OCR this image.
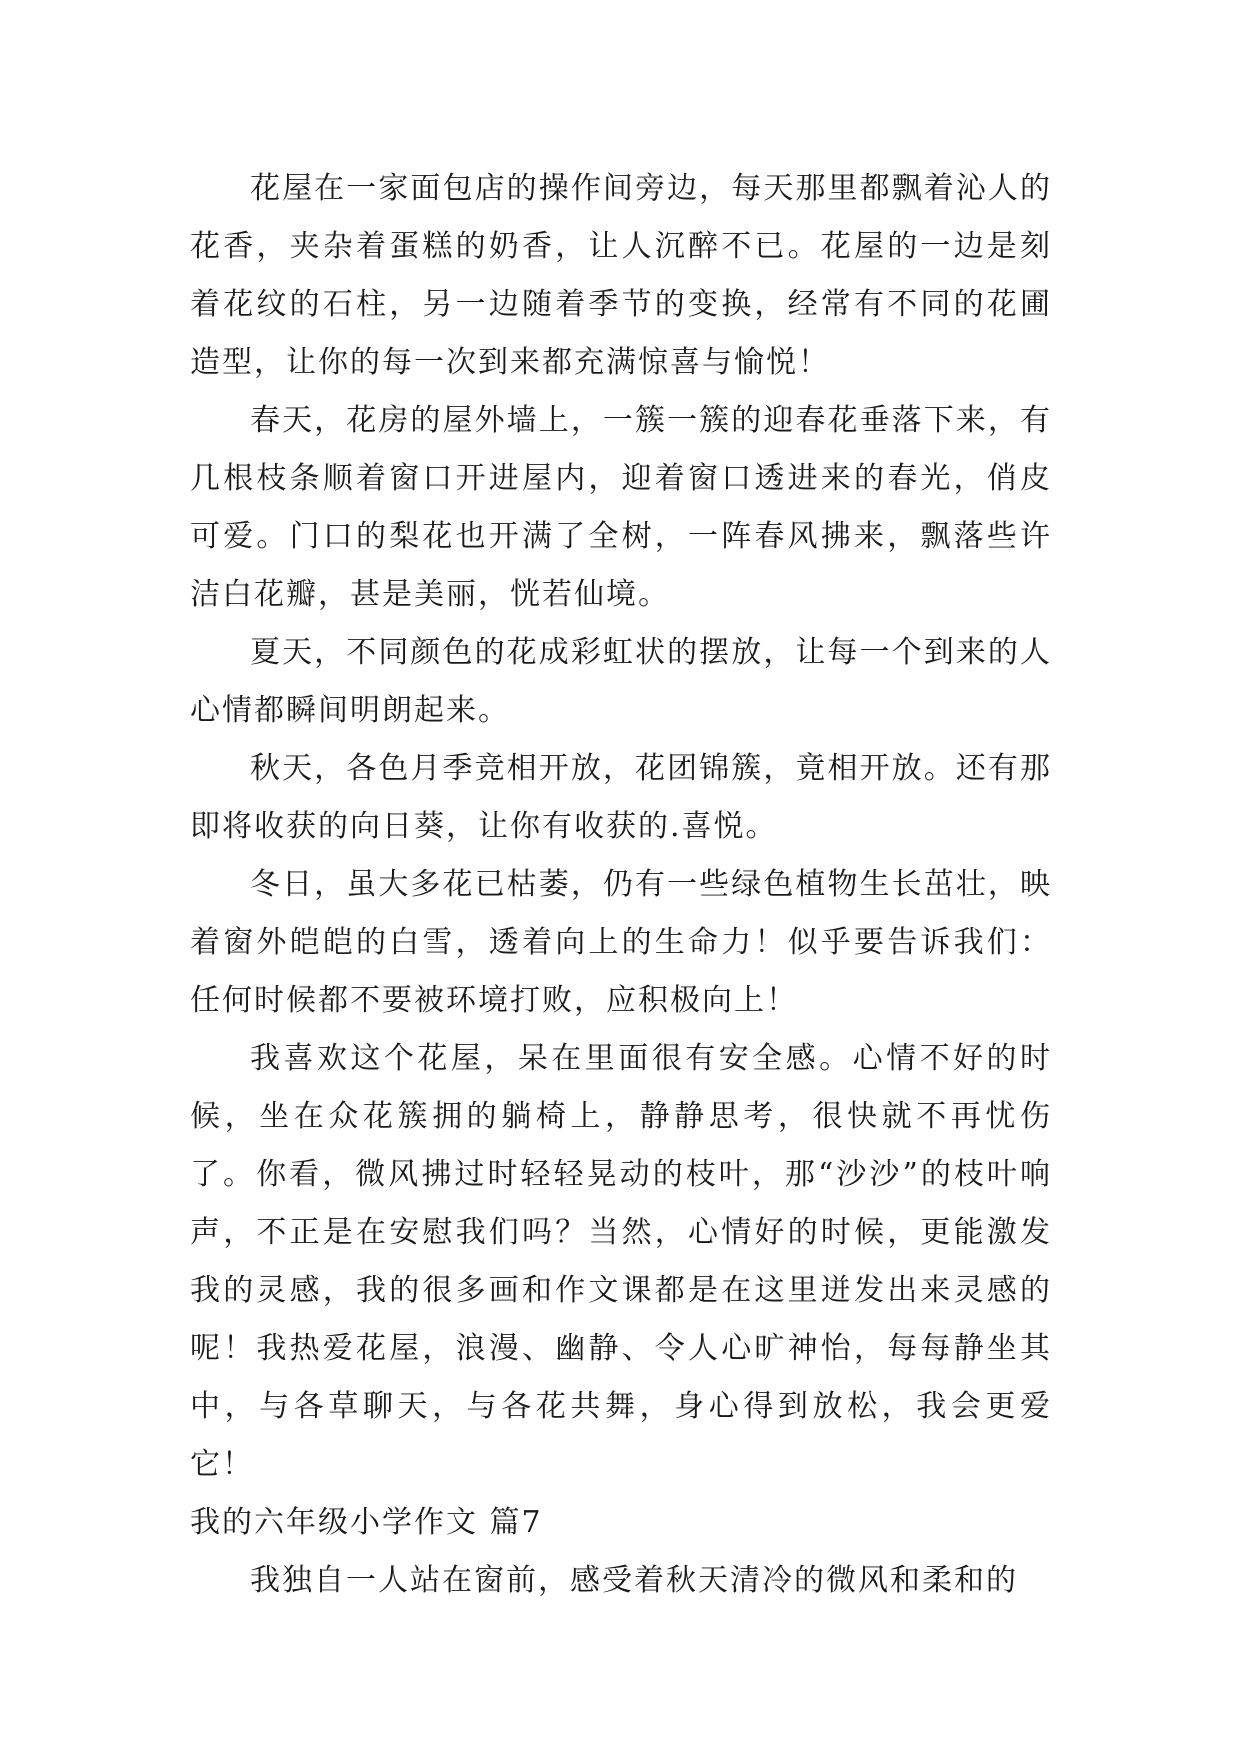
花屋在一家面包店的操作间旁边，每天那里都飘着沁人的花香，夹杂着蛋糕的奶香，让人沉醉不已。花屋的一边是刻着花纹的石柱，另一边随着季节的变换，经常有不同的花圃造型，让你的每一次到来都充满惊喜与愉悦！

春天，花房的屋外墙上，一簇一簇的迎春花垂落下来，有几根枝条顺着窗口开进屋内，迎着窗口透进来的春光，俏皮可爱。门口的梨花也开满了全树，一阵春风拂来，飘落些许洁白花瓣，甚是美丽，恍若仙境。

夏天，不同颜色的花成彩虹状的摆放，让每一个到来的人心情都瞬间明朗起来。

秋天，各色月季竞相开放，花团锦簇，竟相开放。还有那即将收获的向日葵，让你有收获的.喜悦。

冬日，虽大多花已枯萎，仍有一些绿色植物生长茁壮，映着窗外皑皑的白雪，透着向上的生命力！似乎要告诉我们：任何时候都不要被环境打败，应积极向上！

我喜欢这个花屋，呆在里面很有安全感。心情不好的时候，坐在众花簇拥的躺椅上，静静思考，很快就不再忧伤了。你看，微风拂过时轻轻晃动的枝叶，那“沙沙”的枝叶响声，不正是在安慰我们吗？当然，心情好的时候，更能激发我的灵感，我的很多画和作文课都是在这里迸发出来灵感的呢！我热爱花屋，浪漫、幽静、令人心旷神怡，每每静坐其中，与各草聊天，与各花共舞，身心得到放松，我会更爱它！

我的六年级小学作文 篇7

我独自一人站在窗前，感受着秋天清冷的微风和柔和的
